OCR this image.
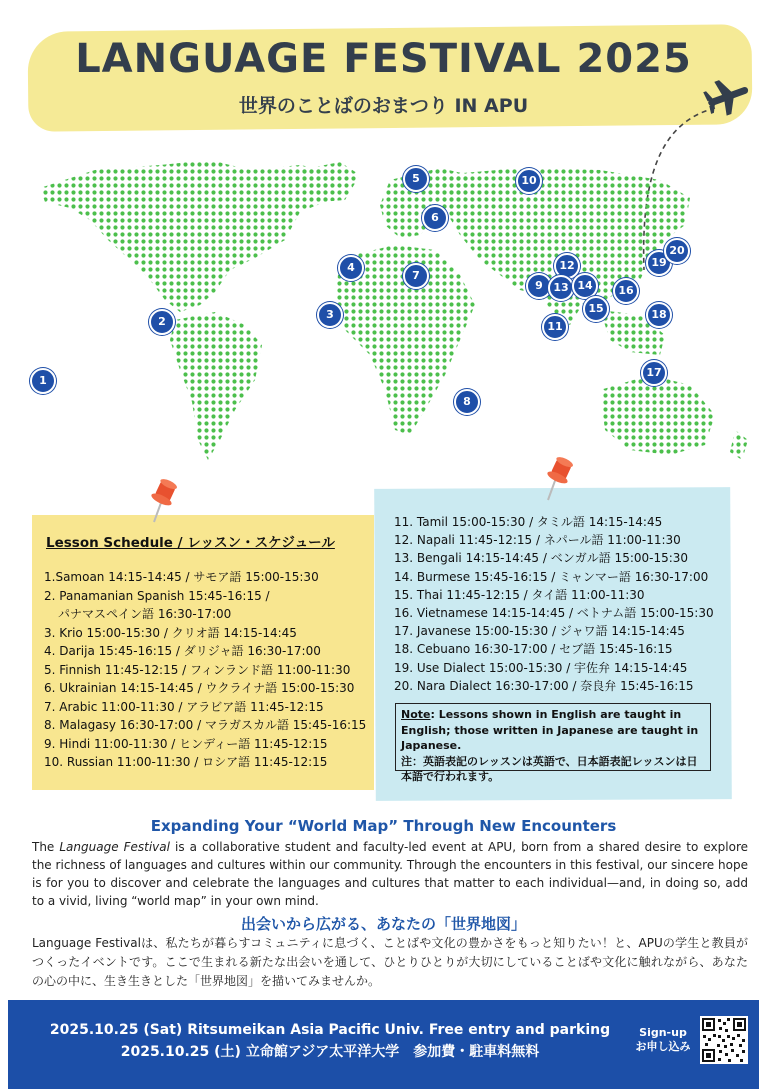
LANGUAGE FESTIVAL 2025
世界のことばのおまつり IN APU
1
2
3
4
5
6
7
8
9
10
11
12
13 14
15
16
17
18
19
20
Lesson Schedule / レッスン・スケジュール
1.Samoan 14:15-14:45 / サモア語 15:00-15:30
2. Panamanian Spanish 15:45-16:15 /
パナマスペイン語 16:30-17:00
3. Krio 15:00-15:30 / クリオ語 14:15-14:45
4. Darija 15:45-16:15 / ダリジャ語 16:30-17:00
5. Finnish 11:45-12:15 / フィンランド語 11:00-11:30
6. Ukrainian 14:15-14:45 / ウクライナ語 15:00-15:30
7. Arabic 11:00-11:30 / アラビア語 11:45-12:15
8. Malagasy 16:30-17:00 / マラガスカル語 15:45-16:15
9. Hindi 11:00-11:30 / ヒンディー語 11:45-12:15
10. Russian 11:00-11:30 / ロシア語 11:45-12:15
11. Tamil 15:00-15:30 / タミル語 14:15-14:45
12. Napali 11:45-12:15 / ネパール語 11:00-11:30
13. Bengali 14:15-14:45 / ベンガル語 15:00-15:30
14. Burmese 15:45-16:15 / ミャンマー語 16:30-17:00
15. Thai 11:45-12:15 / タイ語 11:00-11:30
16. Vietnamese 14:15-14:45 / ベトナム語 15:00-15:30
17. Javanese 15:00-15:30 / ジャワ語 14:15-14:45
18. Cebuano 16:30-17:00 / セブ語 15:45-16:15
19. Use Dialect 15:00-15:30 / 宇佐弁 14:15-14:45
20. Nara Dialect 16:30-17:00 / 奈良弁 15:45-16:15
Note: Lessons shown in English are taught in English; those written in Japanese are taught in Japanese.
注：英語表記のレッスンは英語で、日本語表記レッスンは日本語で行われます。
Expanding Your “World Map” Through New Encounters
The Language Festival is a collaborative student and faculty-led event at APU, born from a shared desire to explore the richness of languages and cultures within our community. Through the encounters in this festival, our sincere hope is for you to discover and celebrate the languages and cultures that matter to each individual—and, in doing so, add to a vivid, living “world map” in your own mind.
出会いから広がる、あなたの「世界地図」
Language Festivalは、私たちが暮らすコミュニティに息づく、ことばや文化の豊かさをもっと知りたい！と、APUの学生と教員がつくったイベントです。ここで生まれる新たな出会いを通して、ひとりひとりが大切にしていることばや文化に触れながら、あなたの心の中に、生き生きとした「世界地図」を描いてみませんか。
2025.10.25 (Sat) Ritsumeikan Asia Pacific Univ. Free entry and parking
2025.10.25 (土) 立命館アジア太平洋大学　参加費・駐車料無料
Sign-up
お申し込み
